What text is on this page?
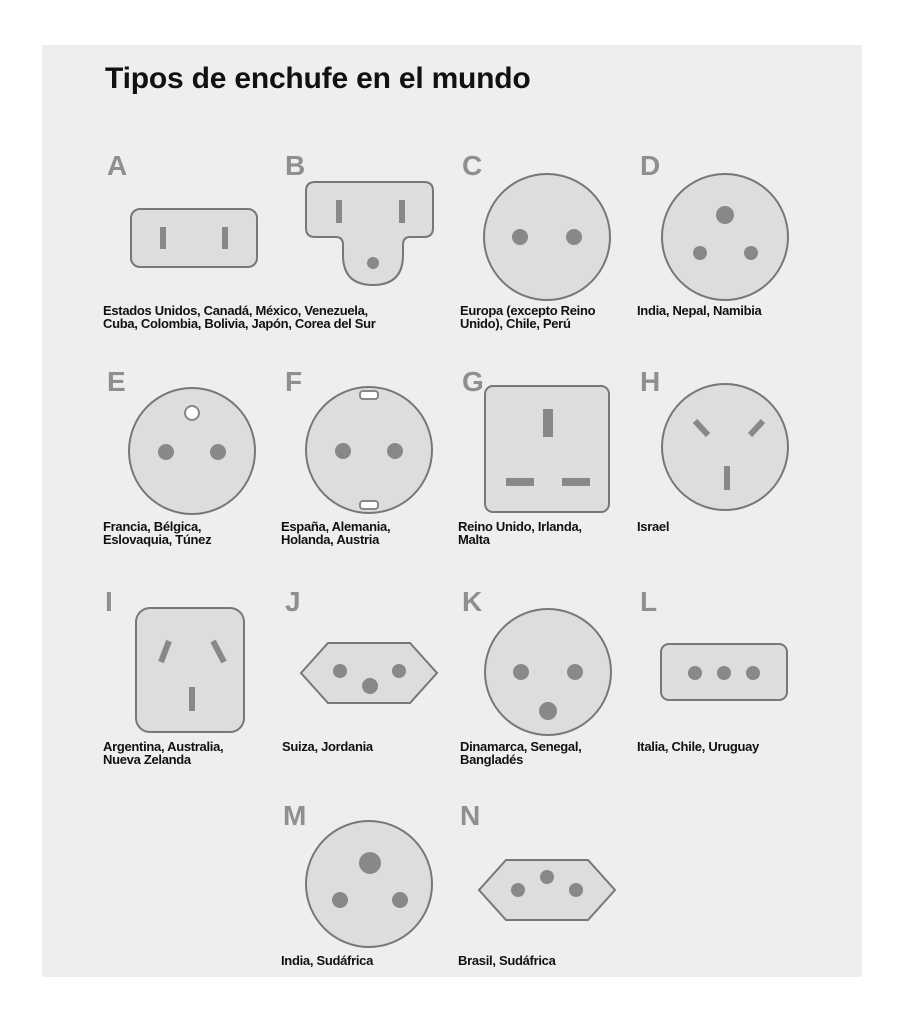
Tipos de enchufe en el mundo
A
Estados Unidos, Canadá, México, Venezuela,
Cuba, Colombia, Bolivia, Japón, Corea del Sur
B	C
Europa (excepto Reino
Unido), Chile, Perú
D
India, Nepal, Namibia
E
Francia, Bélgica,
Eslovaquia, Túnez
F
España, Alemania,
Holanda, Austria
G
Reino Unido, Irlanda,
Malta
H
Israel
I
Argentina, Australia,
Nueva Zelanda
J
Suiza, Jordania
K
Dinamarca, Senegal,
Bangladés
L
Italia, Chile, Uruguay
M
India, Sudáfrica
N
Brasil, Sudáfrica
